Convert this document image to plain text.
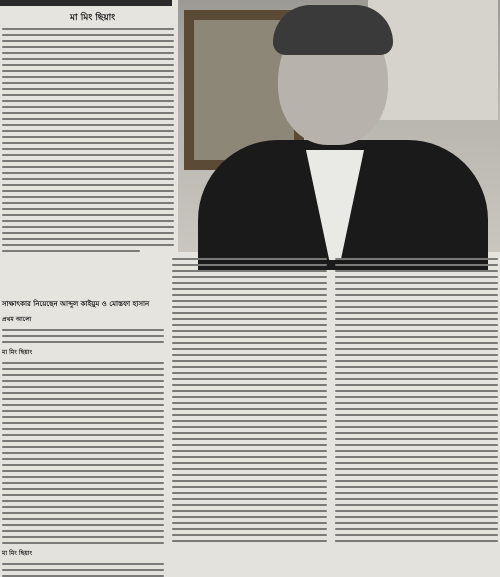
মা মিং ছিয়াং
সাক্ষাৎকার নিয়েছেন আব্দুল কাইয়ুম ও মোস্তফা হাসান
প্রথম আলো
মা মিং ছিয়াং
মা মিং ছিয়াং
